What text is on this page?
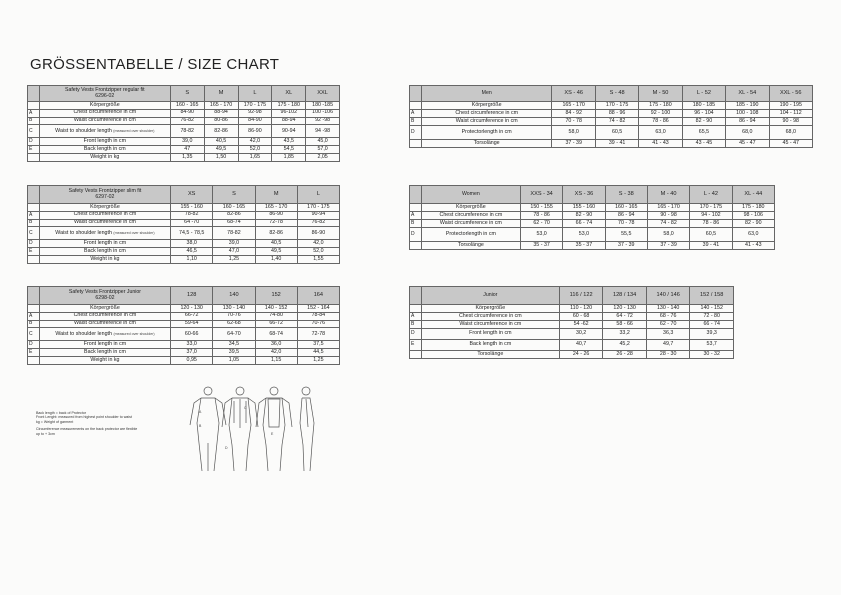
GRÖSSENTABELLE / SIZE CHART

	Safety Vests Frontzipper regular fit
6296-02	S	M	L	XL	XXL
	Körpergröße	160 - 165	165 - 170	170 - 175	175 - 180	180 -185
A	Chest circumference in cm	84-90	88-94	92-98	96-102	100 -106
B	Waist circumference in cm	76-82	80-86	84-90	88-94	92 -98
C	Waist to shoulder length (measured over shoulder)	78-82	82-86	86-90	90-94	94 -98
D	Front length in cm	39,0	40,5	42,0	43,5	45,0
E	Back length in cm	47	49,5	52,0	54,5	57,0
	Weight in kg	1,35	1,50	1,65	1,85	2,05

	Safety Vests Frontzipper slim fit
6297-02	XS	S	M	L
	Körpergröße	155 - 160	160 - 165	165 - 170	170 - 175
A	Chest circumference in cm	78-82	82-86	86-90	90-94
B	Waist circumference in cm	64 -70	68-74	72-78	76-82
C	Waist to shoulder length (measured over shoulder)	74,5 - 78,5	78-82	82-86	86-90
D	Front length in cm	38,0	39,0	40,5	42,0
E	Back length in cm	46,5	47,0	49,5	52,0
	Weight in kg	1,10	1,25	1,40	1,55

	Safety Vests Frontzipper Junior
6298-02	128	140	152	164
	Körpergröße	120 - 130	130 - 140	140 - 152	152 - 164
A	Chest circumference in cm	66-72	70-76	74-80	78-84
B	Waist circumference in cm	59-64	62-68	66-72	70-76
C	Waist to shoulder length (measured over shoulder)	60-66	64-70	68-74	72-78
D	Front length in cm	33,0	34,5	36,0	37,5
E	Back length in cm	37,0	39,5	42,0	44,5
	Weight in kg	0,95	1,05	1,15	1,25

	Men	XS - 46	S - 48	M - 50	L - 52	XL - 54	XXL - 56
	Körpergröße	165 - 170	170 - 175	175 - 180	180 - 185	185 - 190	190 - 195
A	Chest circumference in cm	84 - 92	88 - 96	92 - 100	96 - 104	100 - 108	104 - 112
B	Waist circumference in cm	70 - 78	74 - 82	78 - 86	82 - 90	86 - 94	90 - 98
D	Protectorlength in cm	58,0	60,5	63,0	65,5	68,0	68,0
	Torsolänge	37 - 39	39 - 41	41 - 43	43 - 45	45 - 47	45 - 47

	Women	XXS - 34	XS - 36	S - 38	M - 40	L - 42	XL - 44
	Körpergröße	150 - 155	155 - 160	160 - 165	165 - 170	170 - 175	175 - 180
A	Chest circumference in cm	78 - 86	82 - 90	86 - 94	90 - 98	94 - 102	98 - 106
B	Waist circumference in cm	62 - 70	66 - 74	70 - 78	74 - 82	78 - 86	82 - 90
D	Protectorlength in cm	53,0	53,0	55,5	58,0	60,5	63,0
	Torsolänge	35 - 37	35 - 37	37 - 39	37 - 39	39 - 41	41 - 43

	Junior	116 / 122	128 / 134	140 / 146	152 / 158
	Körpergröße	110 - 120	120 - 130	130 - 140	140 - 152
A	Chest circumference in cm	60 - 68	64 - 72	68 - 76	72 - 80
B	Waist circumference in cm	54 -62	58 - 66	62 - 70	66 - 74
D	Front length in cm	30,2	33,2	36,3	39,3
E	Back length in cm	40,7	45,2	49,7	53,7
	Torsolänge	24 - 26	26 - 28	28 - 30	30 - 32
Back length = back of Protector
Front Lenght: measured from highest point shoulder to waist
kg = Weight of garment
Circumference measurements on the back protector are flexible
up to + 3cm
A
B
C
D
E
